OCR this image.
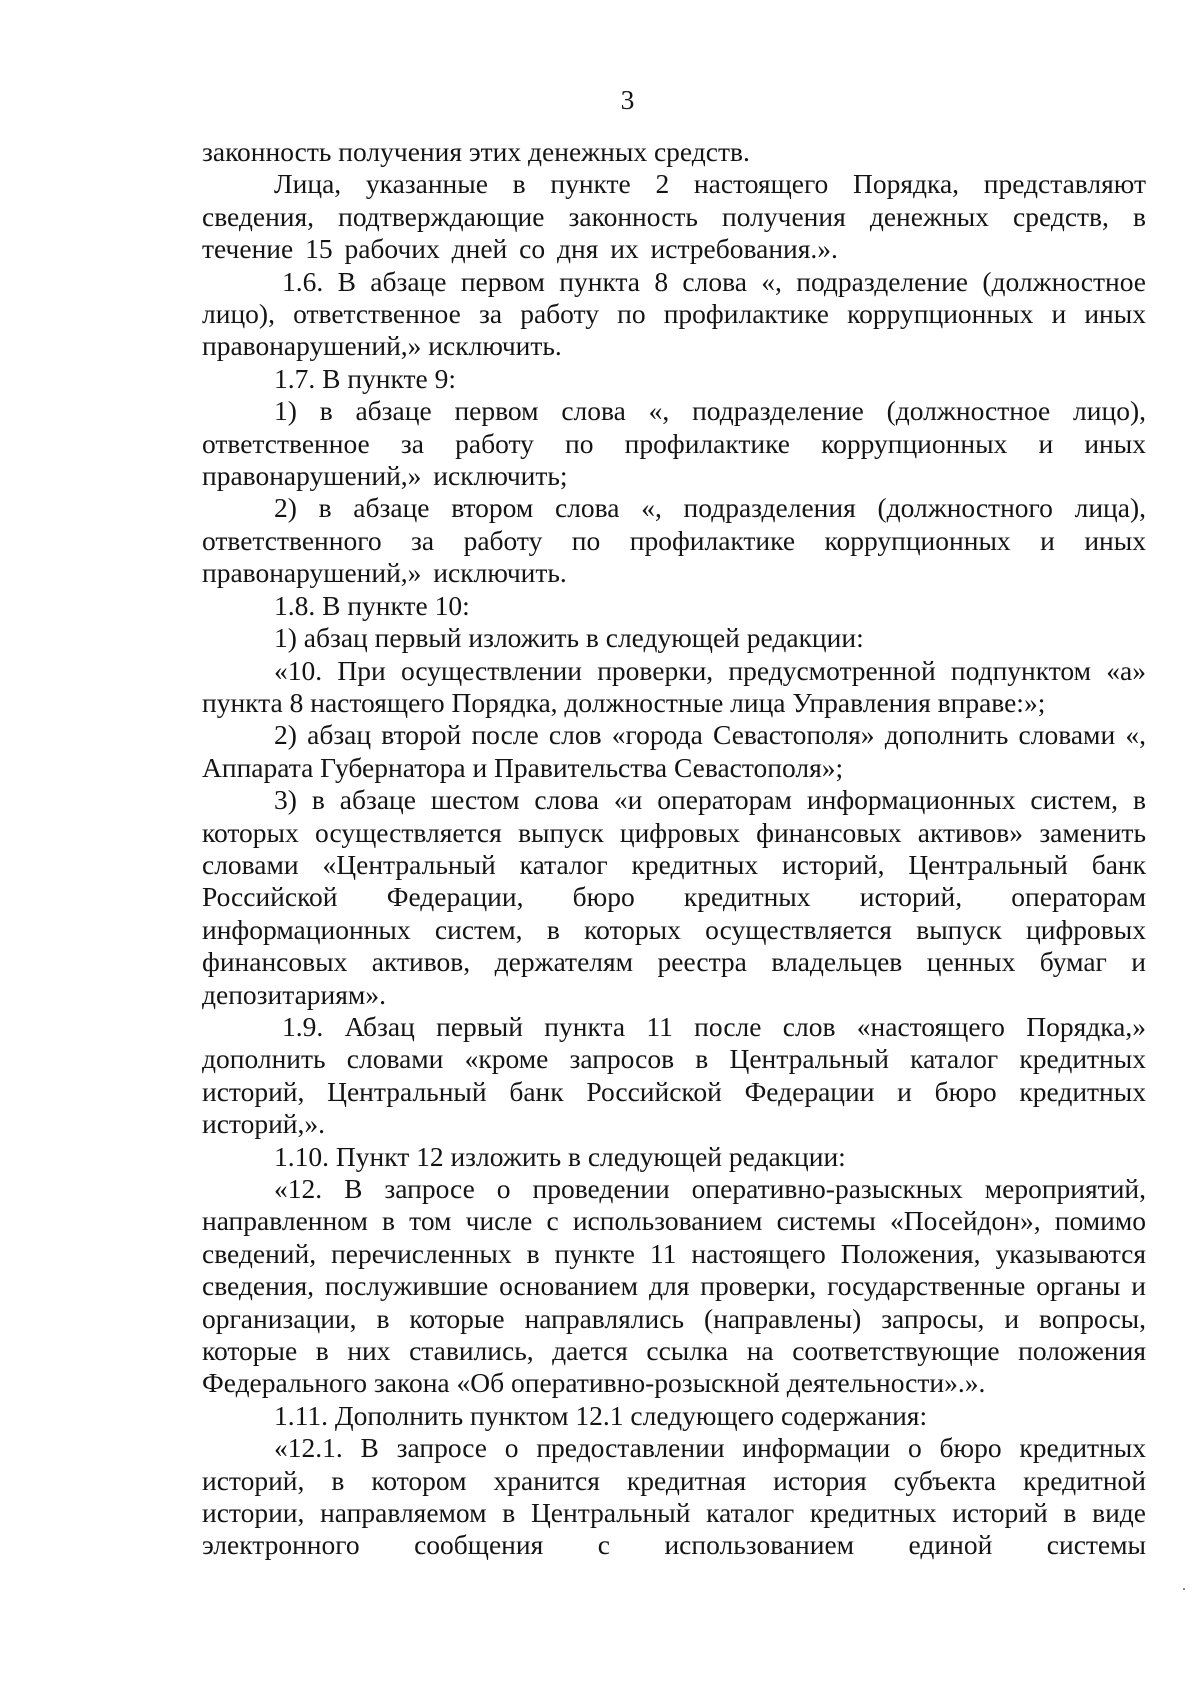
3

законность получения этих денежных средств.

Лица, указанные в пункте 2 настоящего Порядка, представляют сведения, подтверждающие законность получения денежных средств, в течение 15 рабочих дней со дня их истребования.».

1.6. В абзаце первом пункта 8 слова «, подразделение (должностное лицо), ответственное за работу по профилактике коррупционных и иных правонарушений,» исключить.

1.7. В пункте 9:

1) в абзаце первом слова «, подразделение (должностное лицо), ответственное за работу по профилактике коррупционных и иных правонарушений,» исключить;

2) в абзаце втором слова «, подразделения (должностного лица), ответственного за работу по профилактике коррупционных и иных правонарушений,» исключить.

1.8. В пункте 10:

1) абзац первый изложить в следующей редакции:

«10. При осуществлении проверки, предусмотренной подпунктом «а» пункта 8 настоящего Порядка, должностные лица Управления вправе:»;

2) абзац второй после слов «города Севастополя» дополнить словами «, Аппарата Губернатора и Правительства Севастополя»;

3) в абзаце шестом слова «и операторам информационных систем, в которых осуществляется выпуск цифровых финансовых активов» заменить словами «Центральный каталог кредитных историй, Центральный банк Российской Федерации, бюро кредитных историй, операторам информационных систем, в которых осуществляется выпуск цифровых финансовых активов, держателям реестра владельцев ценных бумаг и депозитариям».

1.9. Абзац первый пункта 11 после слов «настоящего Порядка,» дополнить словами «кроме запросов в Центральный каталог кредитных историй, Центральный банк Российской Федерации и бюро кредитных историй,».

1.10. Пункт 12 изложить в следующей редакции:

«12. В запросе о проведении оперативно-разыскных мероприятий, направленном в том числе с использованием системы «Посейдон», помимо сведений, перечисленных в пункте 11 настоящего Положения, указываются сведения, послужившие основанием для проверки, государственные органы и организации, в которые направлялись (направлены) запросы, и вопросы, которые в них ставились, дается ссылка на соответствующие положения Федерального закона «Об оперативно-розыскной деятельности».».

1.11. Дополнить пунктом 12.1 следующего содержания:

«12.1. В запросе о предоставлении информации о бюро кредитных историй, в котором хранится кредитная история субъекта кредитной истории, направляемом в Центральный каталог кредитных историй в виде электронного сообщения с использованием единой системы
